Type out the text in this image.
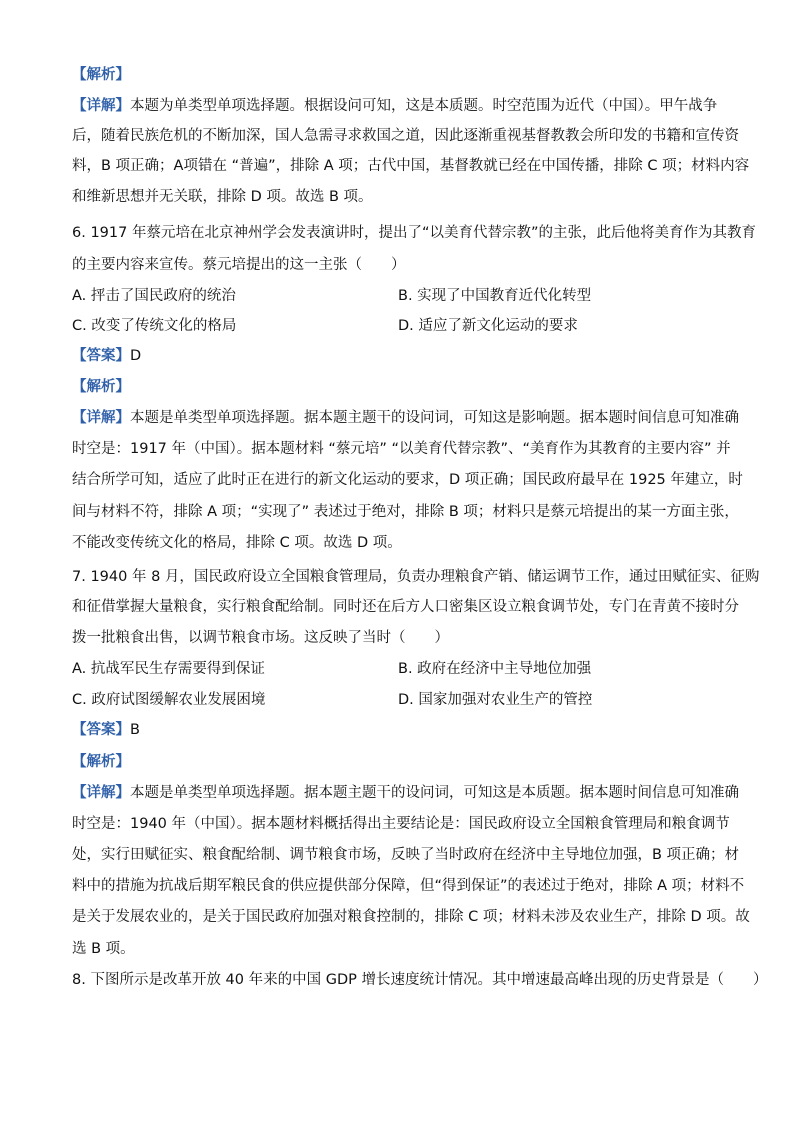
【解析】
【详解】本题为单类型单项选择题。根据设问可知，这是本质题。时空范围为近代（中国）。甲午战争
后，随着民族危机的不断加深，国人急需寻求救国之道，因此逐渐重视基督教教会所印发的书籍和宣传资
料，B 项正确；A项错在 “普遍”，排除 A 项；古代中国，基督教就已经在中国传播，排除 C 项；材料内容
和维新思想并无关联，排除 D 项。故选 B 项。
6. 1917 年蔡元培在北京神州学会发表演讲时，提出了“以美育代替宗教”的主张，此后他将美育作为其教育
的主要内容来宣传。蔡元培提出的这一主张（　　）
A. 抨击了国民政府的统治	B. 实现了中国教育近代化转型
C. 改变了传统文化的格局	D. 适应了新文化运动的要求
【答案】D
【解析】
【详解】本题是单类型单项选择题。据本题主题干的设问词，可知这是影响题。据本题时间信息可知准确
时空是：1917 年（中国）。据本题材料 “蔡元培” “以美育代替宗教”、“美育作为其教育的主要内容” 并
结合所学可知，适应了此时正在进行的新文化运动的要求，D 项正确；国民政府最早在 1925 年建立，时
间与材料不符，排除 A 项；“实现了” 表述过于绝对，排除 B 项；材料只是蔡元培提出的某一方面主张，
不能改变传统文化的格局，排除 C 项。故选 D 项。
7. 1940 年 8 月，国民政府设立全国粮食管理局，负责办理粮食产销、储运调节工作，通过田赋征实、征购
和征借掌握大量粮食，实行粮食配给制。同时还在后方人口密集区设立粮食调节处，专门在青黄不接时分
拨一批粮食出售，以调节粮食市场。这反映了当时（　　）
A. 抗战军民生存需要得到保证	B. 政府在经济中主导地位加强
C. 政府试图缓解农业发展困境	D. 国家加强对农业生产的管控
【答案】B
【解析】
【详解】本题是单类型单项选择题。据本题主题干的设问词，可知这是本质题。据本题时间信息可知准确
时空是：1940 年（中国）。据本题材料概括得出主要结论是：国民政府设立全国粮食管理局和粮食调节
处，实行田赋征实、粮食配给制、调节粮食市场，反映了当时政府在经济中主导地位加强，B 项正确；材
料中的措施为抗战后期军粮民食的供应提供部分保障，但“得到保证”的表述过于绝对，排除 A 项；材料不
是关于发展农业的，是关于国民政府加强对粮食控制的，排除 C 项；材料未涉及农业生产，排除 D 项。故
选 B 项。
8. 下图所示是改革开放 40 年来的中国 GDP 增长速度统计情况。其中增速最高峰出现的历史背景是（　　）
